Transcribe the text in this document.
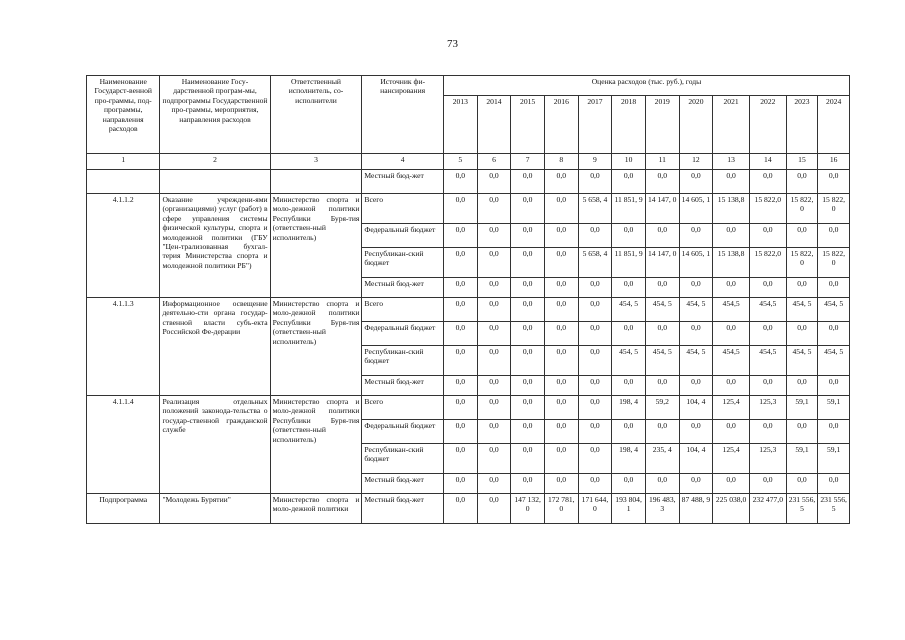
73
Наименование Государст-венной про-граммы, под-программы, направления расходов	Наименование Госу-дарственной програм-мы, подпрограммы Государственной про-граммы, мероприятия, направления расходов	Ответственный исполнитель, со-исполнители	Источник фи-нансирования	Оценка расходов (тыс. руб.), годы											
				2013	2014	2015	2016	2017	2018	2019	2020	2021	2022	2023	2024
1	2	3	4	5	6	7	8	9	10	11	12	13	14	15	16
			Местный бюд-жет	0,0	0,0	0,0	0,0	0,0	0,0	0,0	0,0	0,0	0,0	0,0	0,0
4.1.1.2	Оказание учреждени-ями (организациями) услуг (работ) в сфере управления системы физической культуры, спорта и молодежной политики (ГБУ "Цен-трализованная бухгал-терия Министерства спорта и молодежной политики РБ")	Министерство спорта и моло-дежной политики Республики Буря-тия (ответствен-ный исполнитель)	Всего	0,0	0,0	0,0	0,0	5 658, 4	11 851, 9	14 147, 0	14 605, 1	15 138,8	15 822,0	15 822, 0	15 822, 0
			Федеральный бюджет	0,0	0,0	0,0	0,0	0,0	0,0	0,0	0,0	0,0	0,0	0,0	0,0
			Республикан-ский бюджет	0,0	0,0	0,0	0,0	5 658, 4	11 851, 9	14 147, 0	14 605, 1	15 138,8	15 822,0	15 822, 0	15 822, 0
			Местный бюд-жет	0,0	0,0	0,0	0,0	0,0	0,0	0,0	0,0	0,0	0,0	0,0	0,0
4.1.1.3	Информационное освещение деятельно-сти органа государ-ственной власти субъ-екта Российской Фе-дерации	Министерство спорта и моло-дежной политики Республики Буря-тия (ответствен-ный исполнитель)	Всего	0,0	0,0	0,0	0,0	0,0	454, 5	454, 5	454, 5	454,5	454,5	454, 5	454, 5
			Федеральный бюджет	0,0	0,0	0,0	0,0	0,0	0,0	0,0	0,0	0,0	0,0	0,0	0,0
			Республикан-ский бюджет	0,0	0,0	0,0	0,0	0,0	454, 5	454, 5	454, 5	454,5	454,5	454, 5	454, 5
			Местный бюд-жет	0,0	0,0	0,0	0,0	0,0	0,0	0,0	0,0	0,0	0,0	0,0	0,0
4.1.1.4	Реализация отдельных положений законода-тельства о государ-ственной гражданской службе	Министерство спорта и моло-дежной политики Республики Буря-тия (ответствен-ный исполнитель)	Всего	0,0	0,0	0,0	0,0	0,0	198, 4	59,2	104, 4	125,4	125,3	59,1	59,1
			Федеральный бюджет	0,0	0,0	0,0	0,0	0,0	0,0	0,0	0,0	0,0	0,0	0,0	0,0
			Республикан-ский бюджет	0,0	0,0	0,0	0,0	0,0	198, 4	235, 4	104, 4	125,4	125,3	59,1	59,1
			Местный бюд-жет	0,0	0,0	0,0	0,0	0,0	0,0	0,0	0,0	0,0	0,0	0,0	0,0
Подпрограмма	"Молодежь Бурятии"	Министерство спорта и моло-дежной политики	Местный бюд-жет	0,0	0,0	147 132, 0	172 781, 0	171 644, 0	193 804, 1	196 483, 3	87 488, 9	225 038,0	232 477,0	231 556, 5	231 556, 5
